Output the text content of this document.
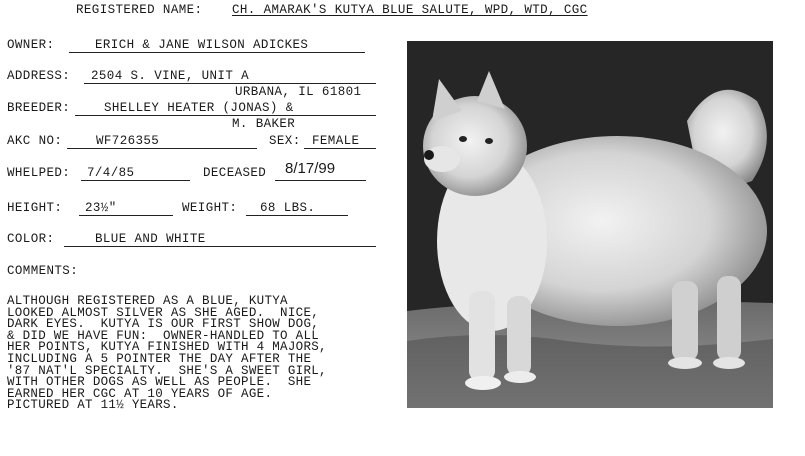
REGISTERED NAME: CH. AMARAK'S KUTYA BLUE SALUTE, WPD, WTD, CGC
OWNER:	ERICH & JANE WILSON ADICKES
ADDRESS: 2504 S. VINE, UNIT A
URBANA, IL 61801
BREEDER:	SHELLEY HEATER (JONAS) &
M. BAKER
AKC NO:	WF726355	SEX: FEMALE
WHELPED: 7/4/85	DECEASED 8/17/99
HEIGHT: 23½"	WEIGHT: 68 LBS.
COLOR:	BLUE AND WHITE
COMMENTS:
ALTHOUGH REGISTERED AS A BLUE, KUTYA
LOOKED ALMOST SILVER AS SHE AGED.  NICE,
DARK EYES.  KUTYA IS OUR FIRST SHOW DOG,
& DID WE HAVE FUN:  OWNER-HANDLED TO ALL
HER POINTS, KUTYA FINISHED WITH 4 MAJORS,
INCLUDING A 5 POINTER THE DAY AFTER THE
'87 NAT'L SPECIALTY.  SHE'S A SWEET GIRL,
WITH OTHER DOGS AS WELL AS PEOPLE.  SHE
EARNED HER CGC AT 10 YEARS OF AGE.
PICTURED AT 11½ YEARS.
